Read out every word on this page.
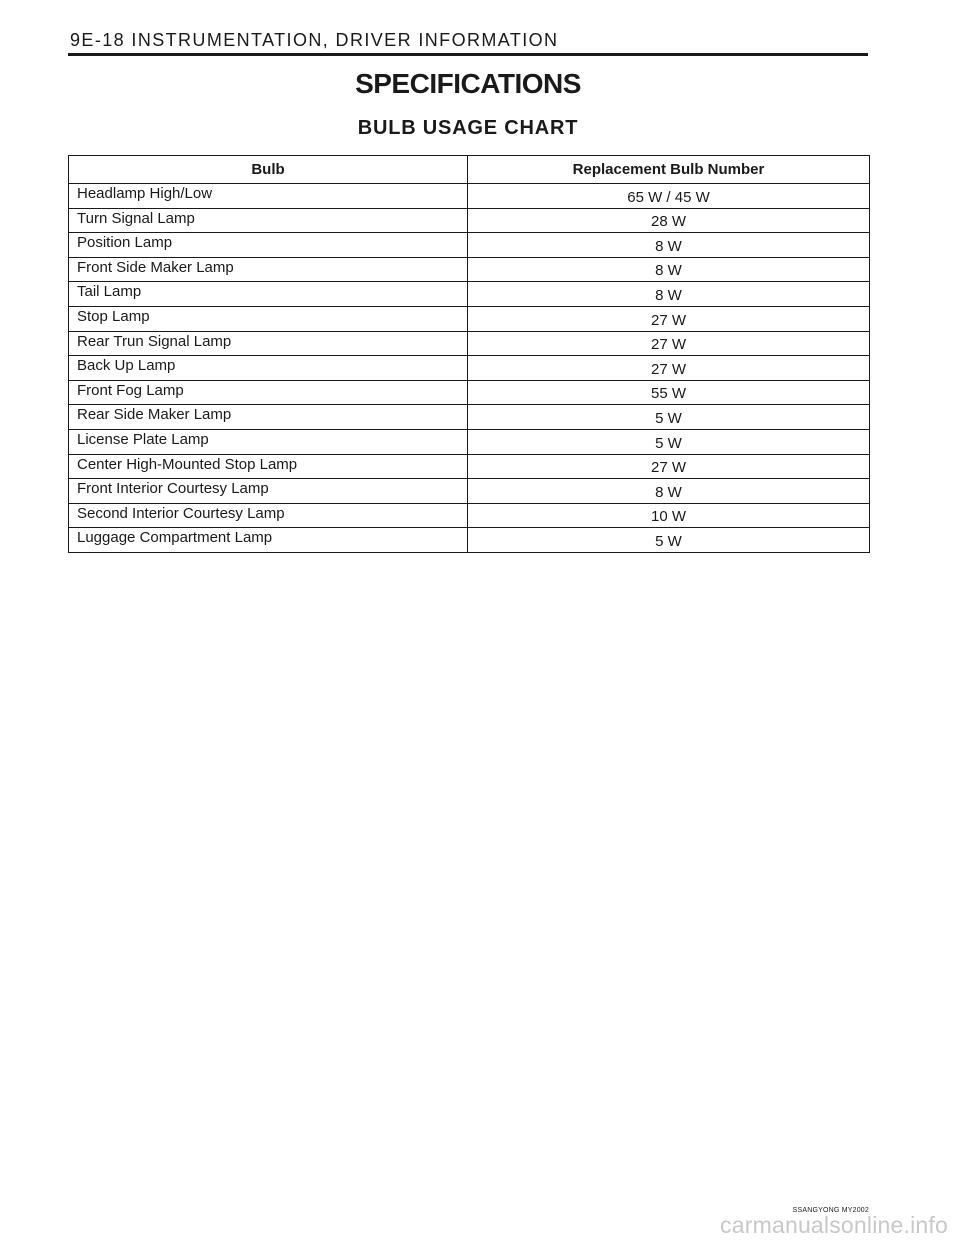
9E-18 INSTRUMENTATION, DRIVER INFORMATION
SPECIFICATIONS
BULB USAGE CHART
Bulb	Replacement Bulb Number
Headlamp High/Low	65 W / 45 W
Turn Signal Lamp	28 W
Position Lamp	8 W
Front Side Maker Lamp	8 W
Tail Lamp	8 W
Stop Lamp	27 W
Rear Trun Signal Lamp	27 W
Back Up Lamp	27 W
Front Fog Lamp	55 W
Rear Side Maker Lamp	5 W
License Plate Lamp	5 W
Center High-Mounted Stop Lamp	27 W
Front Interior Courtesy Lamp	8 W
Second Interior Courtesy Lamp	10 W
Luggage Compartment Lamp	5 W
SSANGYONG MY2002
carmanualsonline.info
